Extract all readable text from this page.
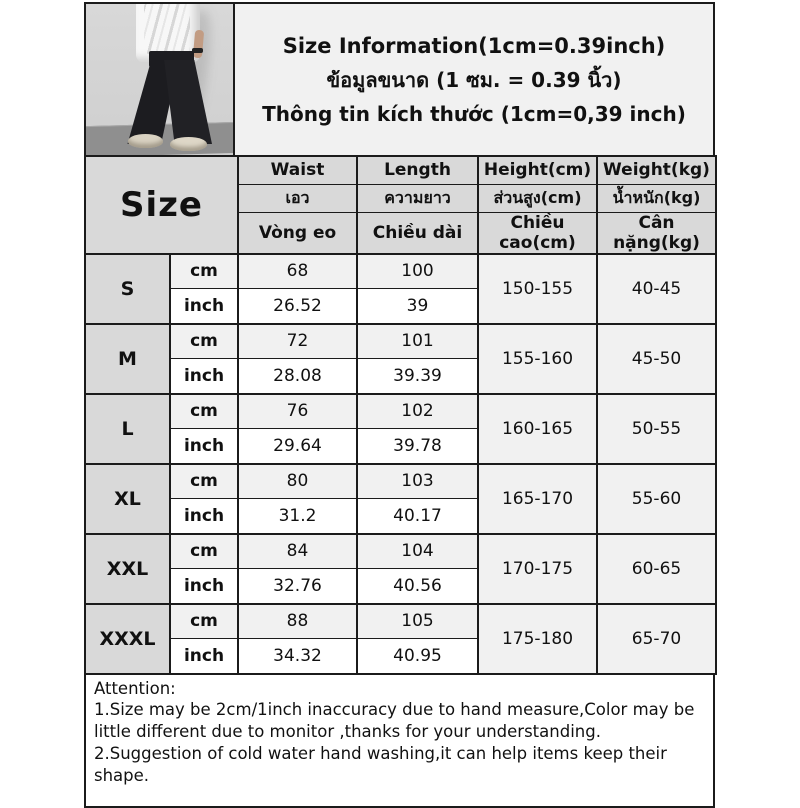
Size Information(1cm=0.39inch)
ข้อมูลขนาด (1 ซม. = 0.39 นิ้ว)
Thông tin kích thước (1cm=0,39 inch)
Size		Waist	Length	Height(cm)	Weight(kg)
		เอว	ความยาว	ส่วนสูง(cm)	น้ำหนัก(kg)
		Vòng eo	Chiều dài	Chiều cao(cm)	Cân nặng(kg)
S	cm	68	100	150-155	40-45
	inch	26.52	39		
M	cm	72	101	155-160	45-50
	inch	28.08	39.39		
L	cm	76	102	160-165	50-55
	inch	29.64	39.78		
XL	cm	80	103	165-170	55-60
	inch	31.2	40.17		
XXL	cm	84	104	170-175	60-65
	inch	32.76	40.56		
XXXL	cm	88	105	175-180	65-70
	inch	34.32	40.95		
Attention:
1.Size may be 2cm/1inch inaccuracy due to hand measure,Color may be little different due to monitor ,thanks for your understanding.
2.Suggestion of cold water hand washing,it can help items keep their shape.
